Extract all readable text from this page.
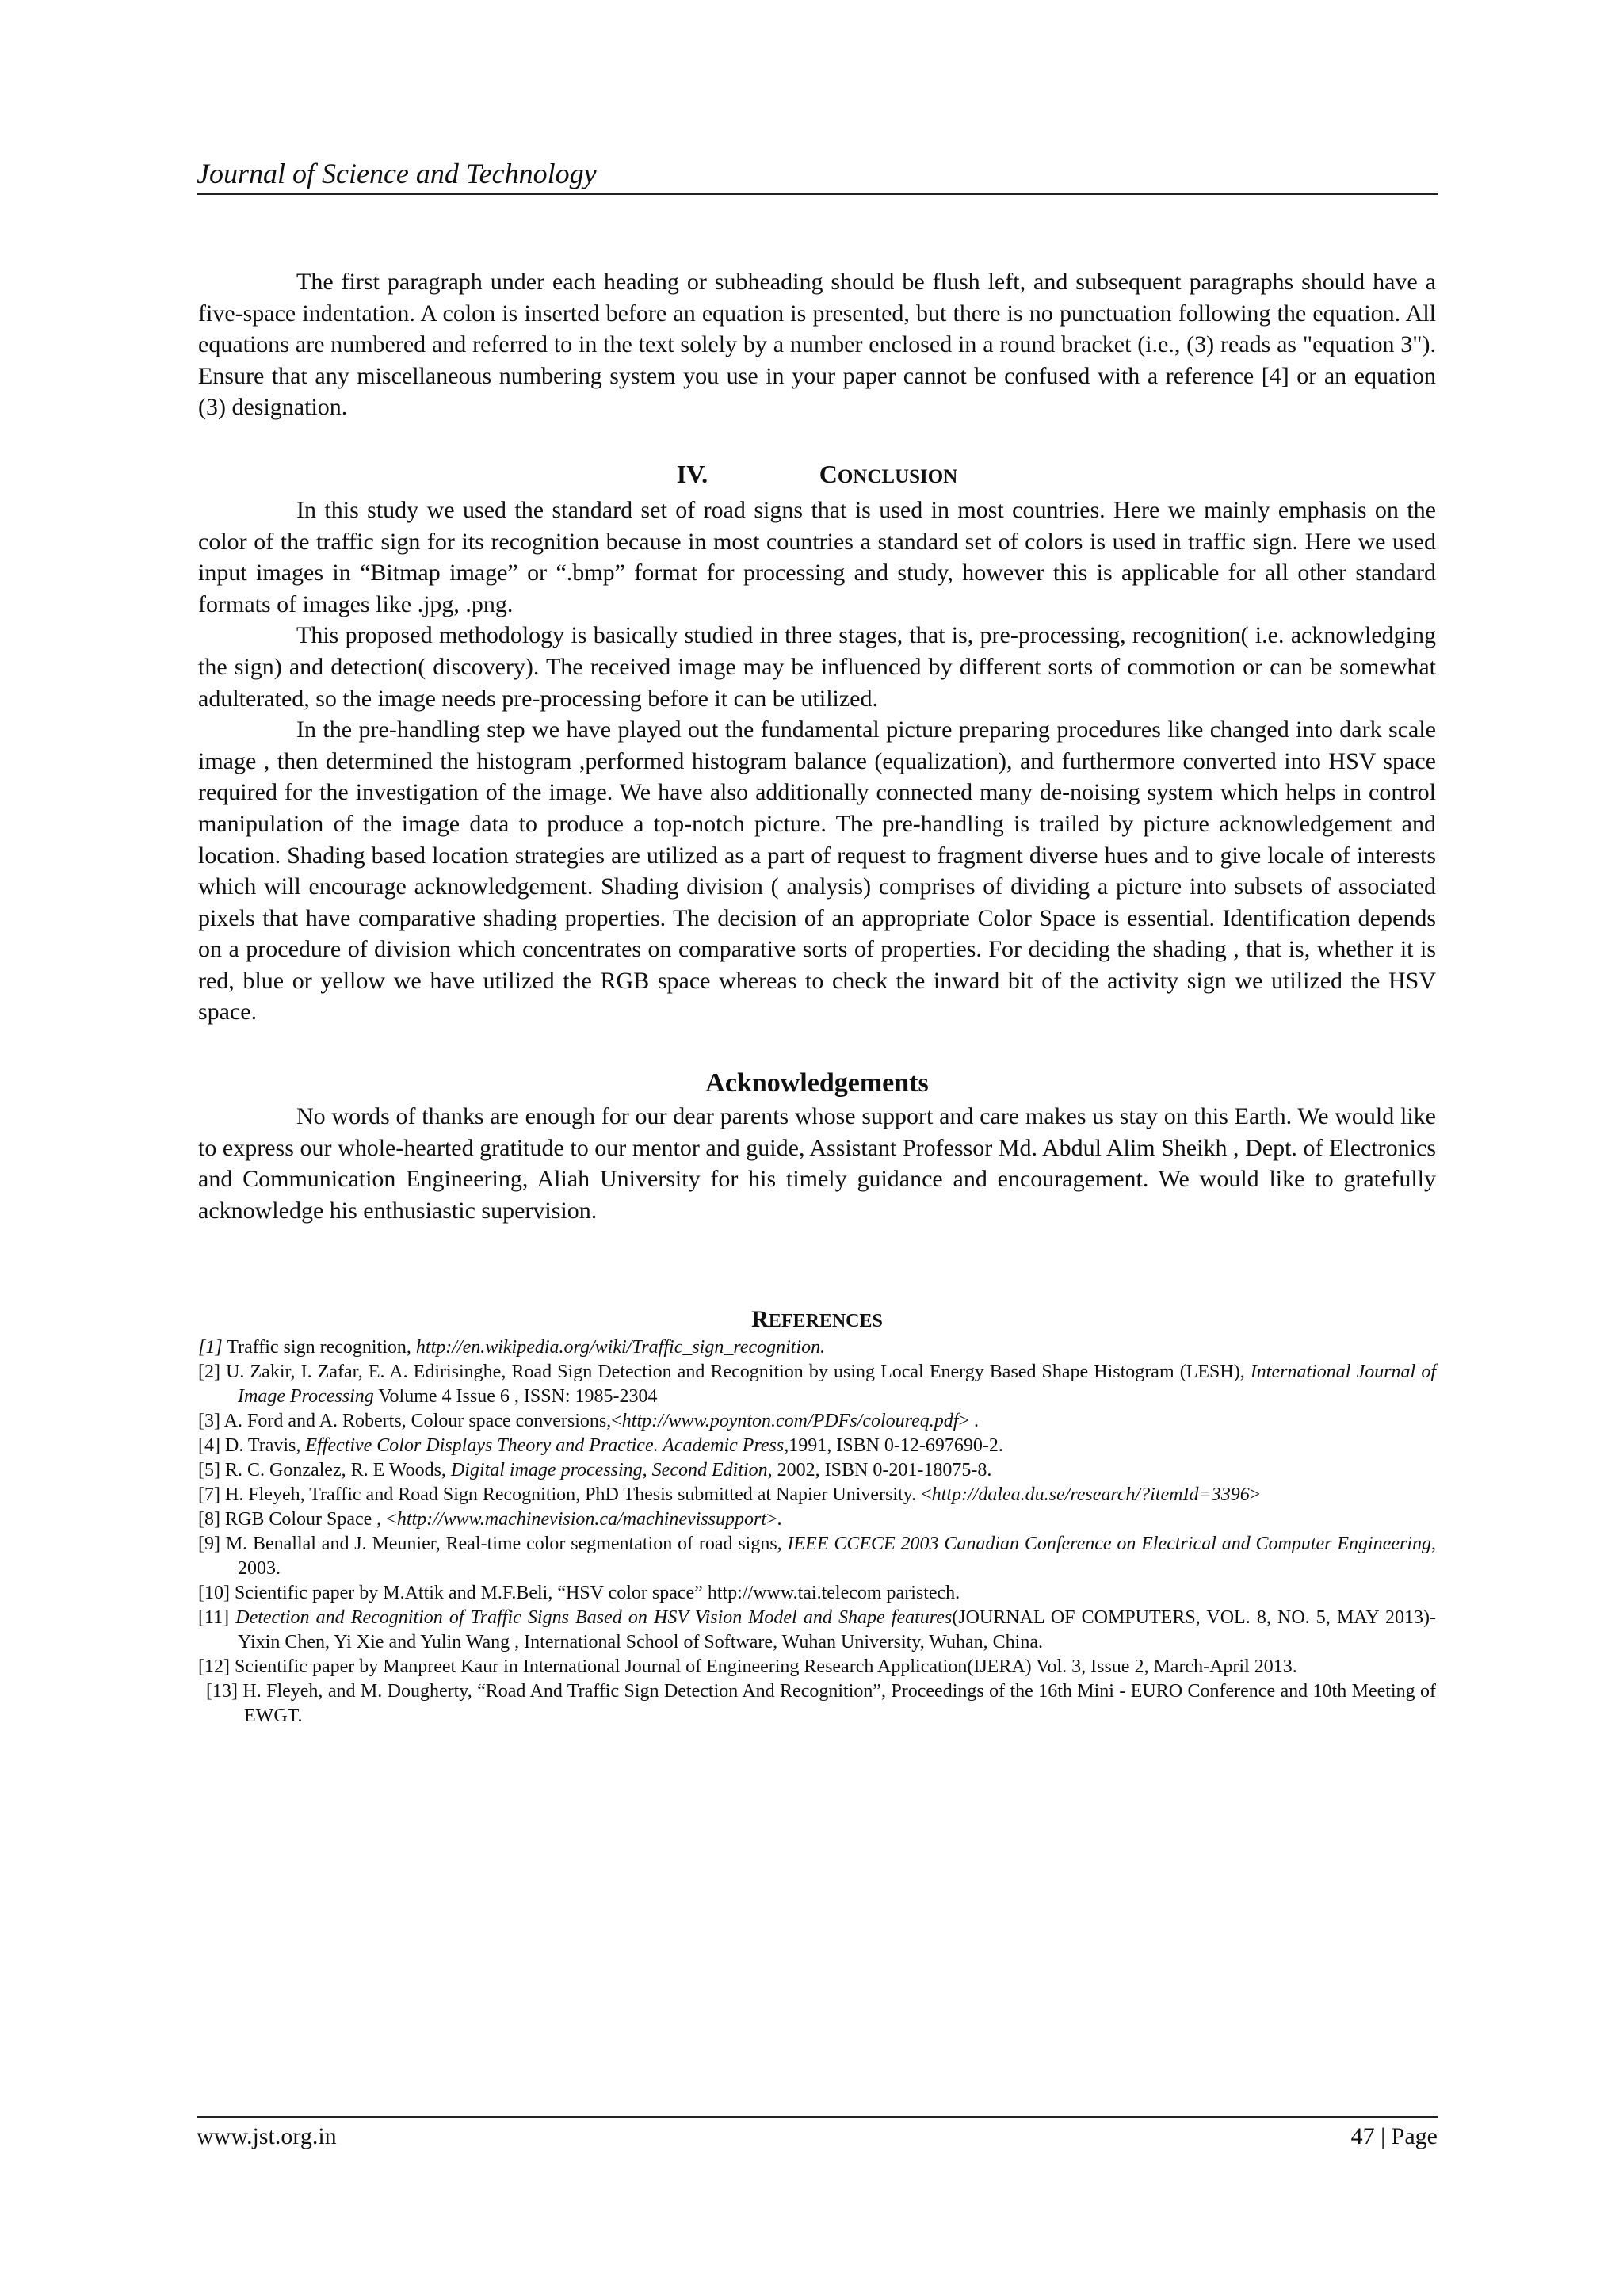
Journal of Science and Technology

The first paragraph under each heading or subheading should be flush left, and subsequent paragraphs should have a five-space indentation. A colon is inserted before an equation is presented, but there is no punctuation following the equation. All equations are numbered and referred to in the text solely by a number enclosed in a round bracket (i.e., (3) reads as "equation 3"). Ensure that any miscellaneous numbering system you use in your paper cannot be confused with a reference [4] or an equation (3) designation.

IV.	CONCLUSION

In this study we used the standard set of road signs that is used in most countries. Here we mainly emphasis on the color of the traffic sign for its recognition because in most countries a standard set of colors is used in traffic sign. Here we used input images in “Bitmap image” or “.bmp” format for processing and study, however this is applicable for all other standard formats of images like .jpg, .png.

This proposed methodology is basically studied in three stages, that is, pre-processing, recognition( i.e. acknowledging the sign) and detection( discovery). The received image may be influenced by different sorts of commotion or can be somewhat adulterated, so the image needs pre-processing before it can be utilized.

In the pre-handling step we have played out the fundamental picture preparing procedures like changed into dark scale image , then determined the histogram ,performed histogram balance (equalization), and furthermore converted into HSV space required for the investigation of the image. We have also additionally connected many de-noising system which helps in control manipulation of the image data to produce a top-notch picture. The pre-handling is trailed by picture acknowledgement and location. Shading based location strategies are utilized as a part of request to fragment diverse hues and to give locale of interests which will encourage acknowledgement. Shading division ( analysis) comprises of dividing a picture into subsets of associated pixels that have comparative shading properties. The decision of an appropriate Color Space is essential. Identification depends on a procedure of division which concentrates on comparative sorts of properties. For deciding the shading , that is, whether it is red, blue or yellow we have utilized the RGB space whereas to check the inward bit of the activity sign we utilized the HSV space.

Acknowledgements

No words of thanks are enough for our dear parents whose support and care makes us stay on this Earth. We would like to express our whole-hearted gratitude to our mentor and guide, Assistant Professor Md. Abdul Alim Sheikh , Dept. of Electronics and Communication Engineering, Aliah University for his timely guidance and encouragement. We would like to gratefully acknowledge his enthusiastic supervision.

REFERENCES
[1] Traffic sign recognition, http://en.wikipedia.org/wiki/Traffic_sign_recognition.
[2] U. Zakir, I. Zafar, E. A. Edirisinghe, Road Sign Detection and Recognition by using Local Energy Based Shape Histogram (LESH), International Journal of Image Processing Volume 4 Issue 6 , ISSN: 1985-2304
[3] A. Ford and A. Roberts, Colour space conversions,<http://www.poynton.com/PDFs/coloureq.pdf> .
[4] D. Travis, Effective Color Displays Theory and Practice. Academic Press,1991, ISBN 0-12-697690-2.
[5] R. C. Gonzalez, R. E Woods, Digital image processing, Second Edition, 2002, ISBN 0-201-18075-8.
[7] H. Fleyeh, Traffic and Road Sign Recognition, PhD Thesis submitted at Napier University. <http://dalea.du.se/research/?itemId=3396>
[8] RGB Colour Space , <http://www.machinevision.ca/machinevissupport>.
[9] M. Benallal and J. Meunier, Real-time color segmentation of road signs, IEEE CCECE 2003 Canadian Conference on Electrical and Computer Engineering, 2003.
[10] Scientific paper by M.Attik and M.F.Beli, “HSV color space” http://www.tai.telecom paristech.
[11] Detection and Recognition of Traffic Signs Based on HSV Vision Model and Shape features(JOURNAL OF COMPUTERS, VOL. 8, NO. 5, MAY 2013)-Yixin Chen, Yi Xie and Yulin Wang , International School of Software, Wuhan University, Wuhan, China.
[12] Scientific paper by Manpreet Kaur in International Journal of Engineering Research Application(IJERA) Vol. 3, Issue 2, March-April 2013.
[13] H. Fleyeh, and M. Dougherty, “Road And Traffic Sign Detection And Recognition”, Proceedings of the 16th Mini - EURO Conference and 10th Meeting of EWGT.
www.jst.org.in	47 | Page
